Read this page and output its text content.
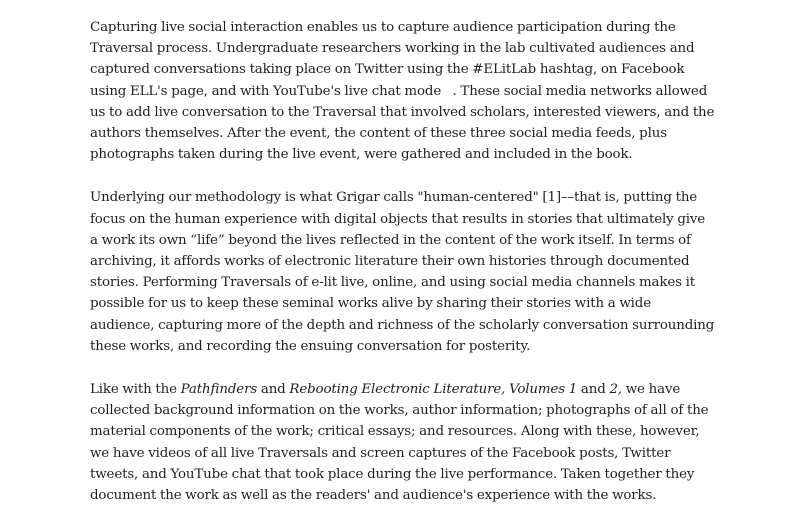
Capturing live social interaction enables us to capture audience participation during the Traversal process. Undergraduate researchers working in the lab cultivated audiences and captured conversations taking place on Twitter using the #ELitLab hashtag, on Facebook using ELL's page, and with YouTube's live chat mode   . These social media networks allowed us to add live conversation to the Traversal that involved scholars, interested viewers, and the authors themselves. After the event, the content of these three social media feeds, plus photographs taken during the live event, were gathered and included in the book.

Underlying our methodology is what Grigar calls "human-centered" [1]––that is, putting the focus on the human experience with digital objects that results in stories that ultimately give a work its own “life” beyond the lives reflected in the content of the work itself. In terms of archiving, it affords works of electronic literature their own histories through documented stories. Performing Traversals of e-lit live, online, and using social media channels makes it possible for us to keep these seminal works alive by sharing their stories with a wide audience, capturing more of the depth and richness of the scholarly conversation surrounding these works, and recording the ensuing conversation for posterity.

Like with the Pathfinders and Rebooting Electronic Literature, Volumes 1 and 2, we have collected background information on the works, author information; photographs of all of the material components of the work; critical essays; and resources. Along with these, however, we have videos of all live Traversals and screen captures of the Facebook posts, Twitter tweets, and YouTube chat that took place during the live performance. Taken together they document the work as well as the readers' and audience's experience with the works.
